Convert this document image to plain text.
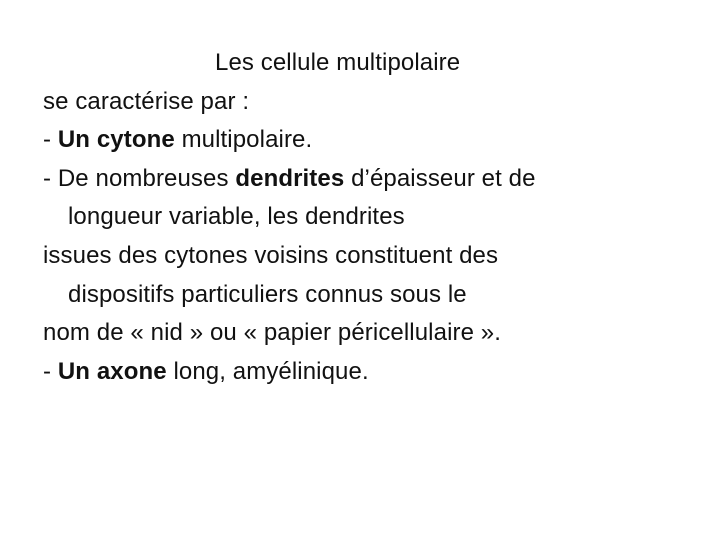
Les cellule multipolaire
se caractérise par :
- Un cytone multipolaire.
- De nombreuses dendrites d’épaisseur et de
longueur variable, les dendrites
issues des cytones voisins constituent des
dispositifs particuliers connus sous le
nom de « nid » ou « papier péricellulaire ».
- Un axone long, amyélinique.
